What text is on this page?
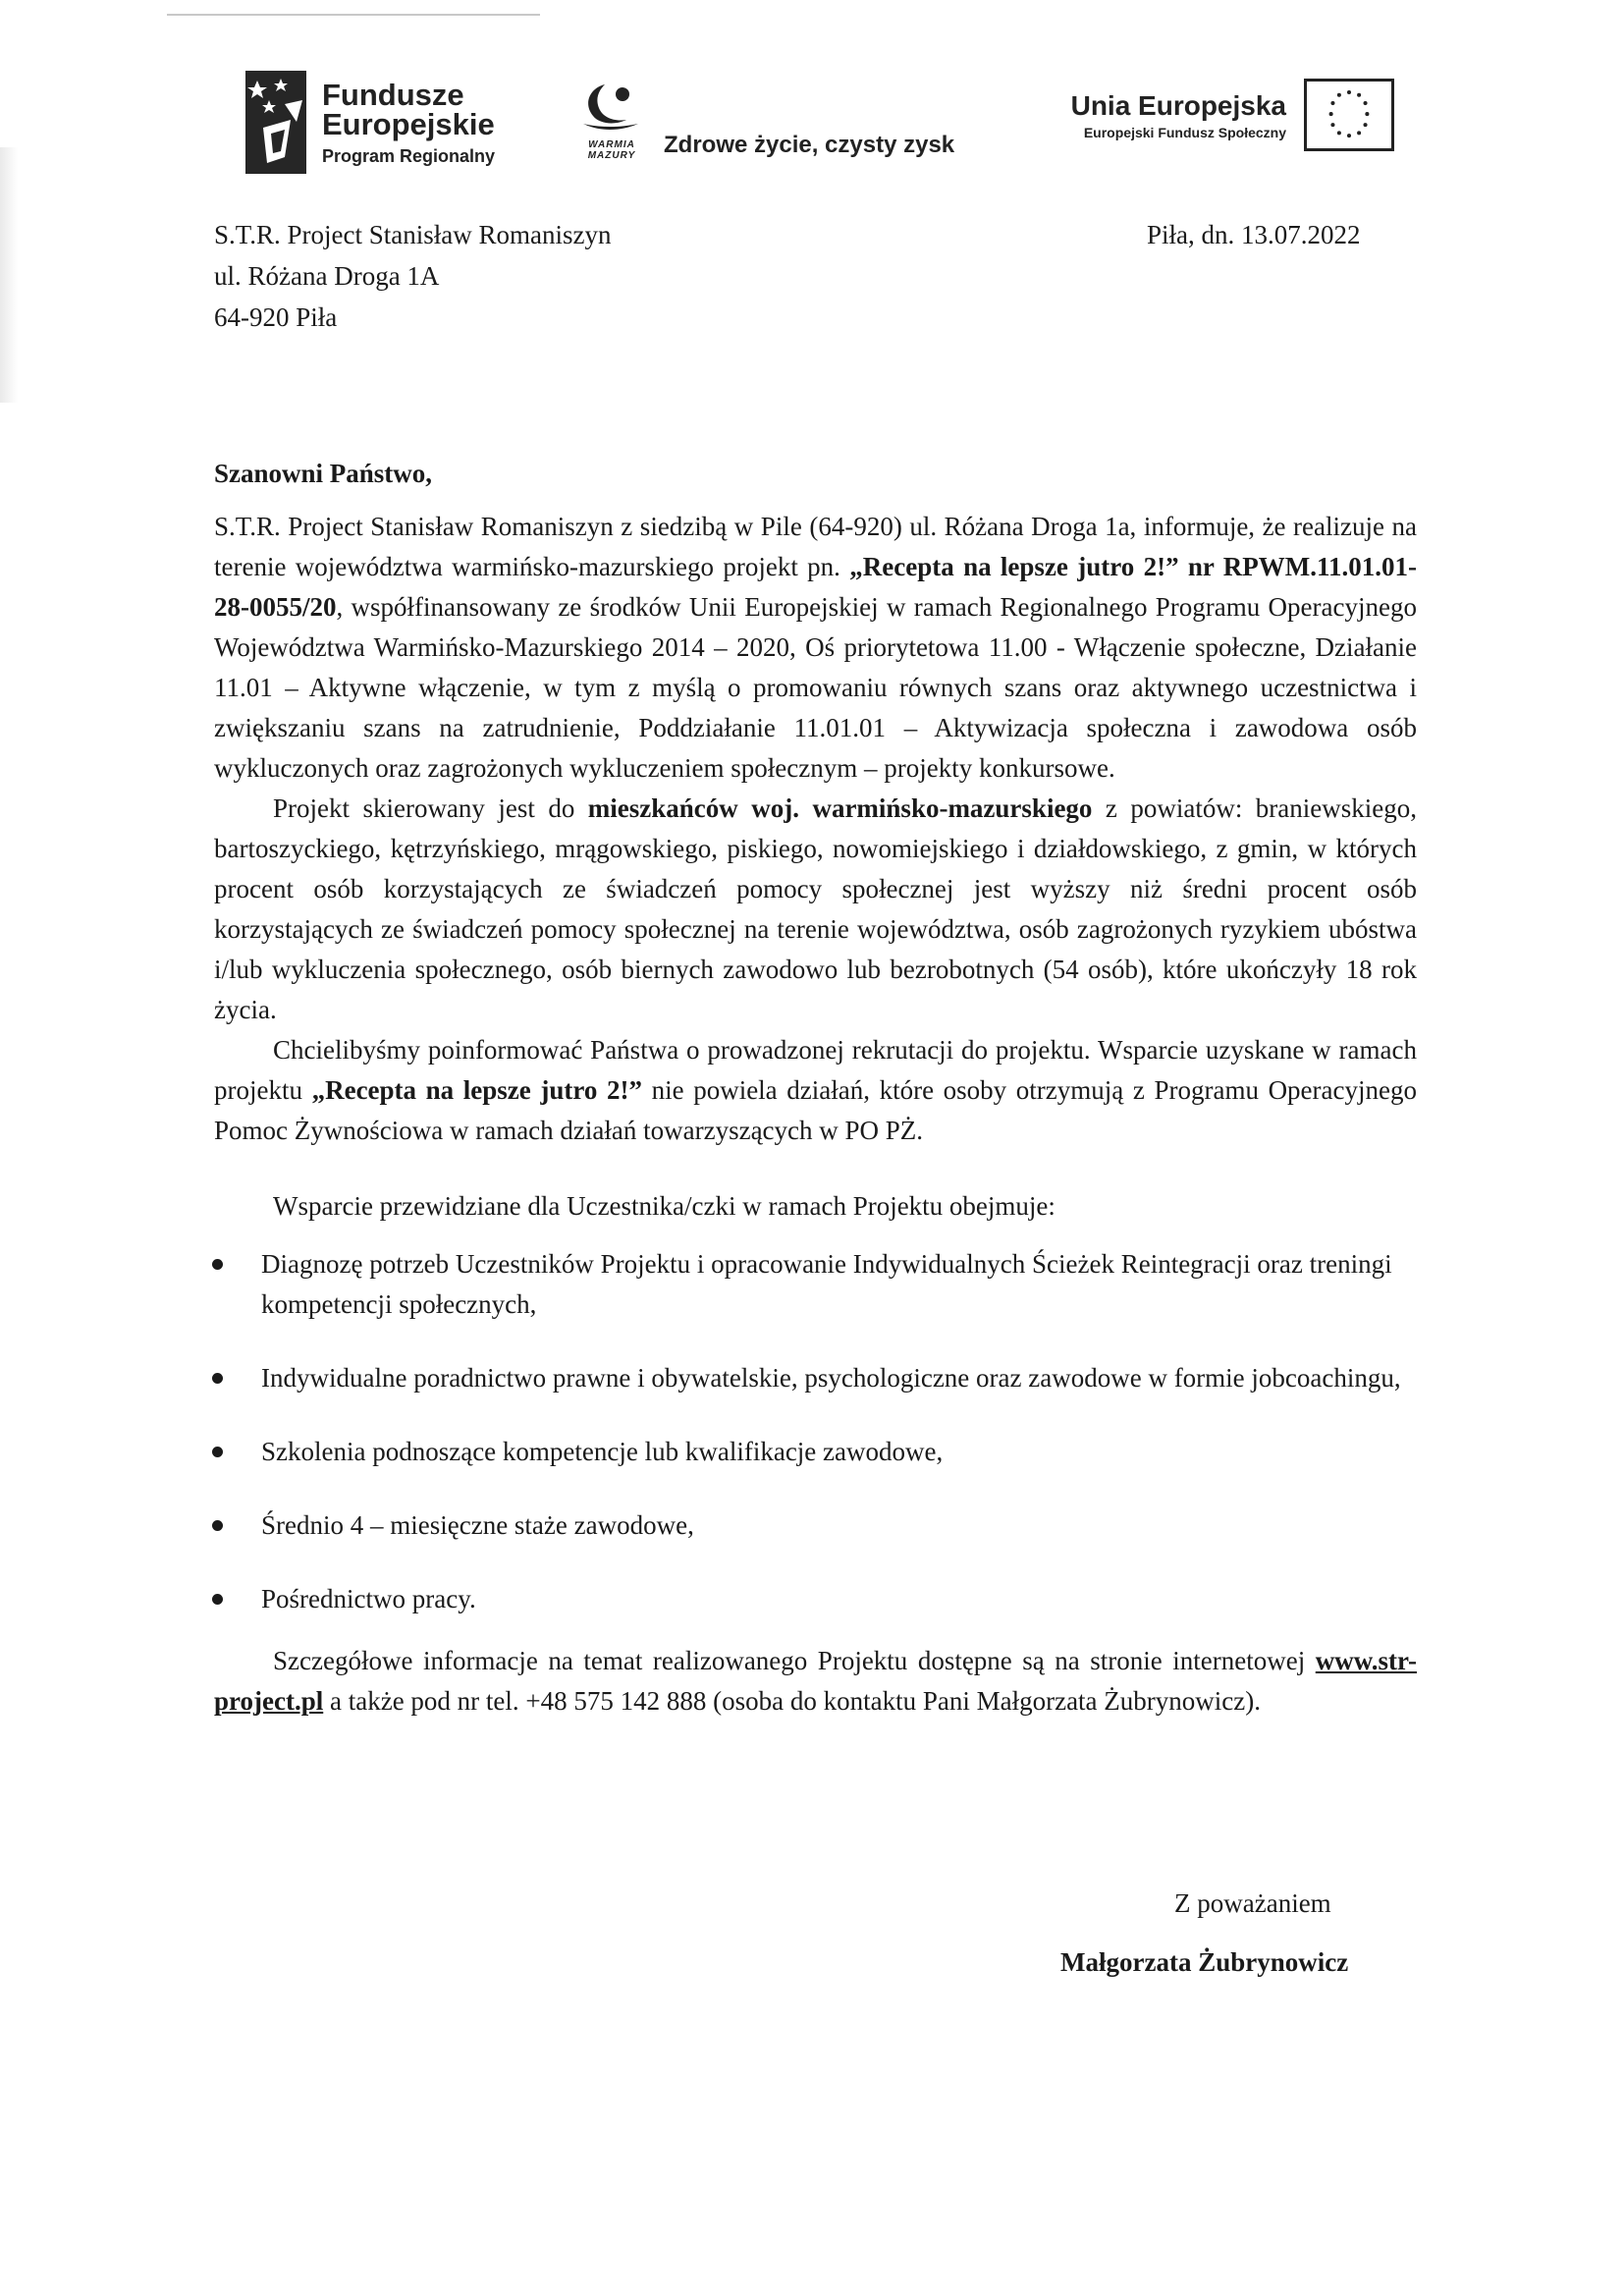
Fundusze
Europejskie
Program Regionalny
WARMIA MAZURY	Zdrowe życie, czysty zysk
Unia Europejska
Europejski Fundusz Społeczny
S.T.R. Project Stanisław Romaniszyn
ul. Różana Droga 1A
64-920 Piła
Piła, dn. 13.07.2022
Szanowni Państwo,

S.T.R. Project Stanisław Romaniszyn z siedzibą w Pile (64-920) ul. Różana Droga 1a, informuje, że realizuje na terenie województwa warmińsko-mazurskiego projekt pn. „Recepta na lepsze jutro 2!” nr RPWM.11.01.01-28-0055/20, współfinansowany ze środków Unii Europejskiej w ramach Regionalnego Programu Operacyjnego Województwa Warmińsko-Mazurskiego 2014 – 2020, Oś priorytetowa 11.00 - Włączenie społeczne, Działanie 11.01 – Aktywne włączenie, w tym z myślą o promowaniu równych szans oraz aktywnego uczestnictwa i zwiększaniu szans na zatrudnienie, Poddziałanie 11.01.01 – Aktywizacja społeczna i zawodowa osób wykluczonych oraz zagrożonych wykluczeniem społecznym – projekty konkursowe.

Projekt skierowany jest do mieszkańców woj. warmińsko-mazurskiego z powiatów: braniewskiego, bartoszyckiego, kętrzyńskiego, mrągowskiego, piskiego, nowomiejskiego i działdowskiego, z gmin, w których procent osób korzystających ze świadczeń pomocy społecznej jest wyższy niż średni procent osób korzystających ze świadczeń pomocy społecznej na terenie województwa, osób zagrożonych ryzykiem ubóstwa i/lub wykluczenia społecznego, osób biernych zawodowo lub bezrobotnych (54 osób), które ukończyły 18 rok życia.

Chcielibyśmy poinformować Państwa o prowadzonej rekrutacji do projektu. Wsparcie uzyskane w ramach projektu „Recepta na lepsze jutro 2!” nie powiela działań, które osoby otrzymują z Programu Operacyjnego Pomoc Żywnościowa w ramach działań towarzyszących w PO PŻ.

Wsparcie przewidziane dla Uczestnika/czki w ramach Projektu obejmuje:

Diagnozę potrzeb Uczestników Projektu i opracowanie Indywidualnych Ścieżek Reintegracji oraz treningi kompetencji społecznych,
Indywidualne poradnictwo prawne i obywatelskie, psychologiczne oraz zawodowe w formie jobcoachingu,
Szkolenia podnoszące kompetencje lub kwalifikacje zawodowe,
Średnio 4 – miesięczne staże zawodowe,
Pośrednictwo pracy.

Szczegółowe informacje na temat realizowanego Projektu dostępne są na stronie internetowej www.str-project.pl a także pod nr tel. +48 575 142 888 (osoba do kontaktu Pani Małgorzata Żubrynowicz).

Z poważaniem
Małgorzata Żubrynowicz
